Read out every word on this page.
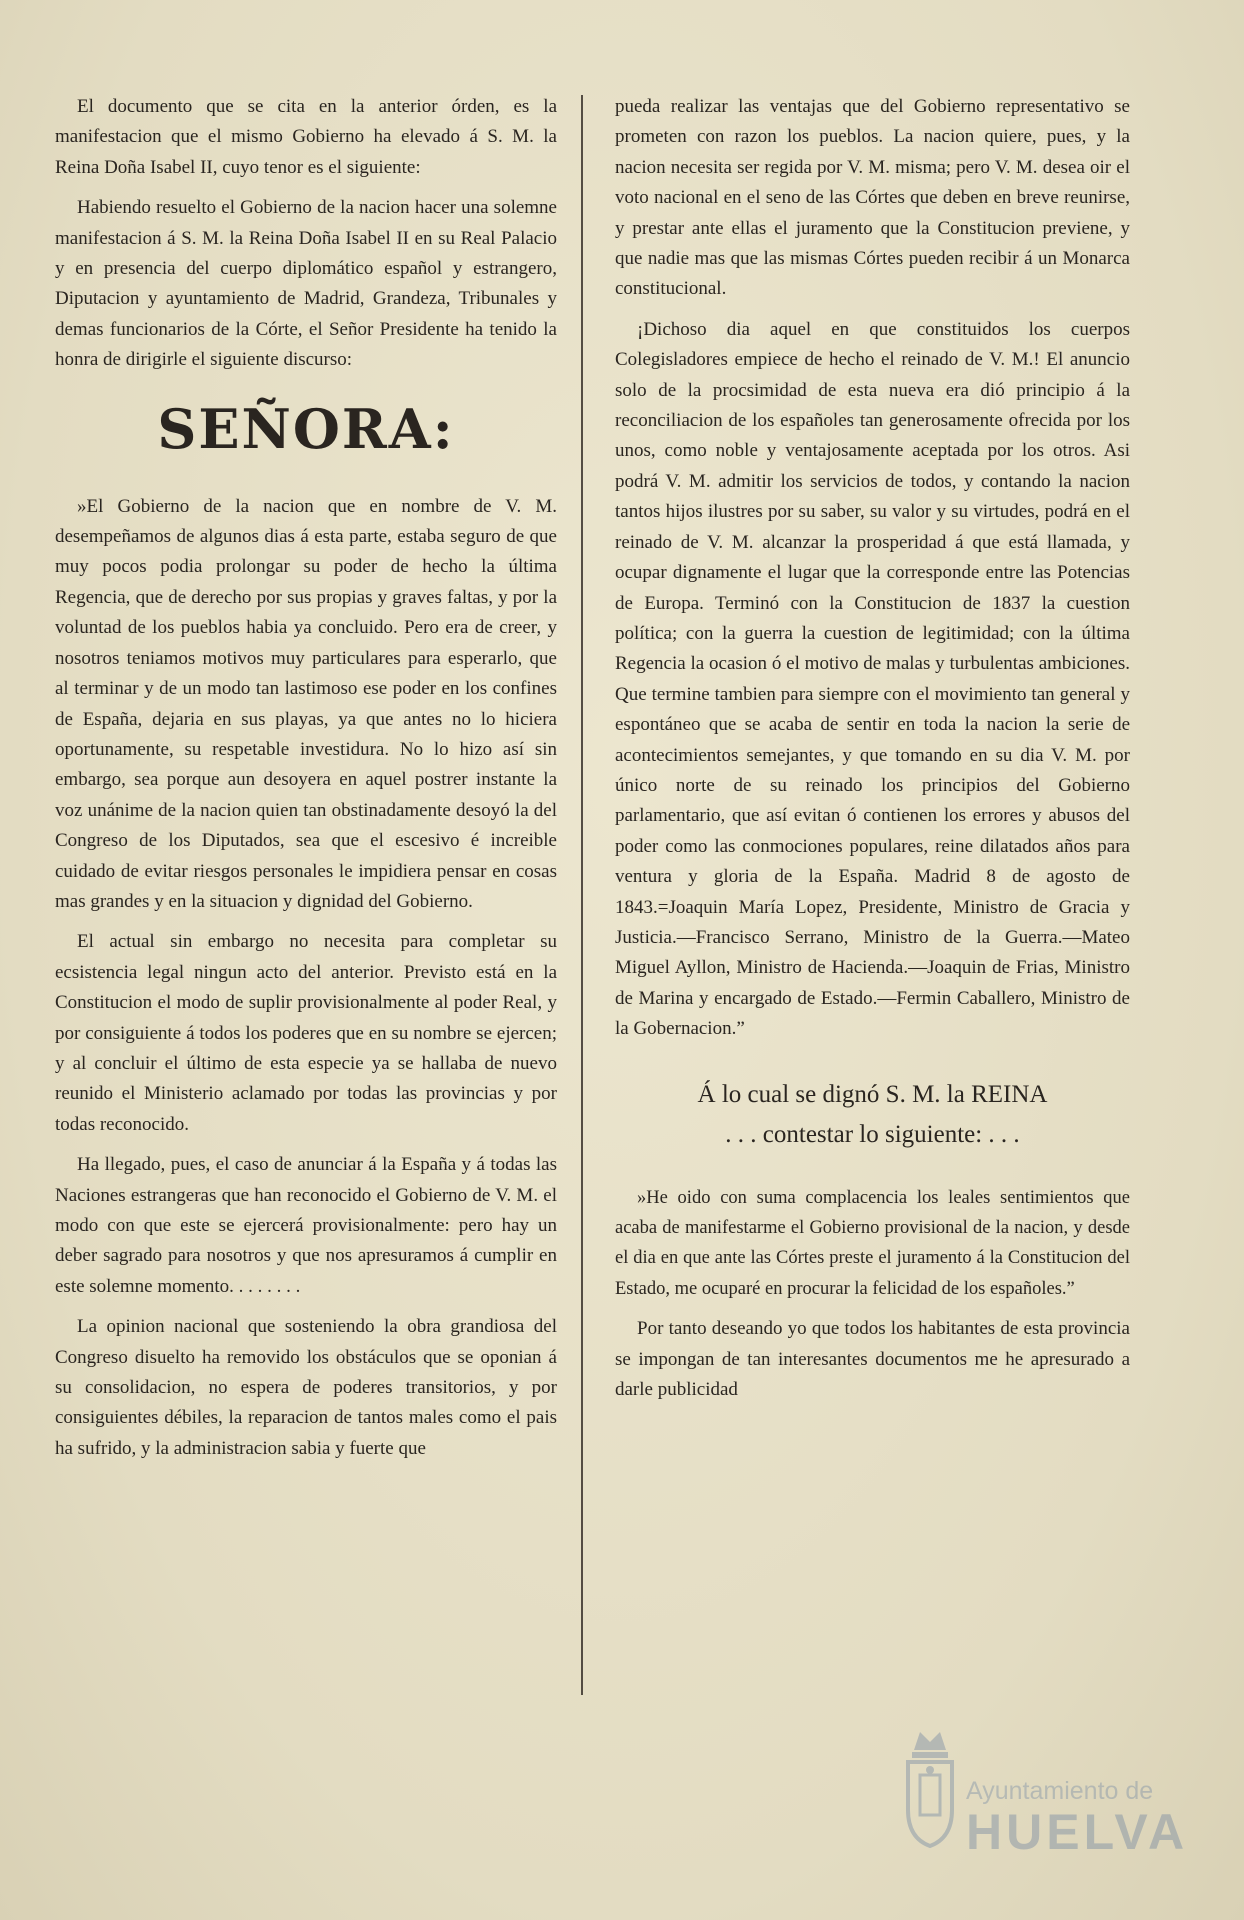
El documento que se cita en la anterior órden, es la manifestacion que el mismo Gobierno ha elevado á S. M. la Reina Doña Isabel II, cuyo tenor es el siguiente:

Habiendo resuelto el Gobierno de la nacion hacer una solemne manifestacion á S. M. la Reina Doña Isabel II en su Real Palacio y en presencia del cuerpo diplomático español y estrangero, Diputacion y ayuntamiento de Madrid, Grandeza, Tribunales y demas funcionarios de la Córte, el Señor Presidente ha tenido la honra de dirigirle el siguiente discurso:

SEÑORA:

»El Gobierno de la nacion que en nombre de V. M. desempeñamos de algunos dias á esta parte, estaba seguro de que muy pocos podia prolongar su poder de hecho la última Regencia, que de derecho por sus propias y graves faltas, y por la voluntad de los pueblos habia ya concluido. Pero era de creer, y nosotros teniamos motivos muy particulares para esperarlo, que al terminar y de un modo tan lastimoso ese poder en los confines de España, dejaria en sus playas, ya que antes no lo hiciera oportunamente, su respetable investidura. No lo hizo así sin embargo, sea porque aun desoyera en aquel postrer instante la voz unánime de la nacion quien tan obstinadamente desoyó la del Congreso de los Diputados, sea que el escesivo é increible cuidado de evitar riesgos personales le impidiera pensar en cosas mas grandes y en la situacion y dignidad del Gobierno.

El actual sin embargo no necesita para completar su ecsistencia legal ningun acto del anterior. Previsto está en la Constitucion el modo de suplir provisionalmente al poder Real, y por consiguiente á todos los poderes que en su nombre se ejercen; y al concluir el último de esta especie ya se hallaba de nuevo reunido el Ministerio aclamado por todas las provincias y por todas reconocido.

Ha llegado, pues, el caso de anunciar á la España y á todas las Naciones estrangeras que han reconocido el Gobierno de V. M. el modo con que este se ejercerá provisionalmente: pero hay un deber sagrado para nosotros y que nos apresuramos á cumplir en este solemne momento. . . . . . . .

La opinion nacional que sosteniendo la obra grandiosa del Congreso disuelto ha removido los obstáculos que se oponian á su consolidacion, no espera de poderes transitorios, y por consiguientes débiles, la reparacion de tantos males como el pais ha sufrido, y la administracion sabia y fuerte que

pueda realizar las ventajas que del Gobierno representativo se prometen con razon los pueblos. La nacion quiere, pues, y la nacion necesita ser regida por V. M. misma; pero V. M. desea oir el voto nacional en el seno de las Córtes que deben en breve reunirse, y prestar ante ellas el juramento que la Constitucion previene, y que nadie mas que las mismas Córtes pueden recibir á un Monarca constitucional.

¡Dichoso dia aquel en que constituidos los cuerpos Colegisladores empiece de hecho el reinado de V. M.! El anuncio solo de la procsimidad de esta nueva era dió principio á la reconciliacion de los españoles tan generosamente ofrecida por los unos, como noble y ventajosamente aceptada por los otros. Asi podrá V. M. admitir los servicios de todos, y contando la nacion tantos hijos ilustres por su saber, su valor y su virtudes, podrá en el reinado de V. M. alcanzar la prosperidad á que está llamada, y ocupar dignamente el lugar que la corresponde entre las Potencias de Europa. Terminó con la Constitucion de 1837 la cuestion política; con la guerra la cuestion de legitimidad; con la última Regencia la ocasion ó el motivo de malas y turbulentas ambiciones. Que termine tambien para siempre con el movimiento tan general y espontáneo que se acaba de sentir en toda la nacion la serie de acontecimientos semejantes, y que tomando en su dia V. M. por único norte de su reinado los principios del Gobierno parlamentario, que así evitan ó contienen los errores y abusos del poder como las conmociones populares, reine dilatados años para ventura y gloria de la España. Madrid 8 de agosto de 1843.=Joaquin María Lopez, Presidente, Ministro de Gracia y Justicia.—Francisco Serrano, Ministro de la Guerra.—Mateo Miguel Ayllon, Ministro de Hacienda.—Joaquin de Frias, Ministro de Marina y encargado de Estado.—Fermin Caballero, Ministro de la Gobernacion.”

Á lo cual se dignó S. M. la REINA
. . . contestar lo siguiente: . . .

»He oido con suma complacencia los leales sentimientos que acaba de manifestarme el Gobierno provisional de la nacion, y desde el dia en que ante las Córtes preste el juramento á la Constitucion del Estado, me ocuparé en procurar la felicidad de los españoles.”

Por tanto deseando yo que todos los habitantes de esta provincia se impongan de tan interesantes documentos me he apresurado a darle publicidad

Ayuntamiento de
HUELVA
